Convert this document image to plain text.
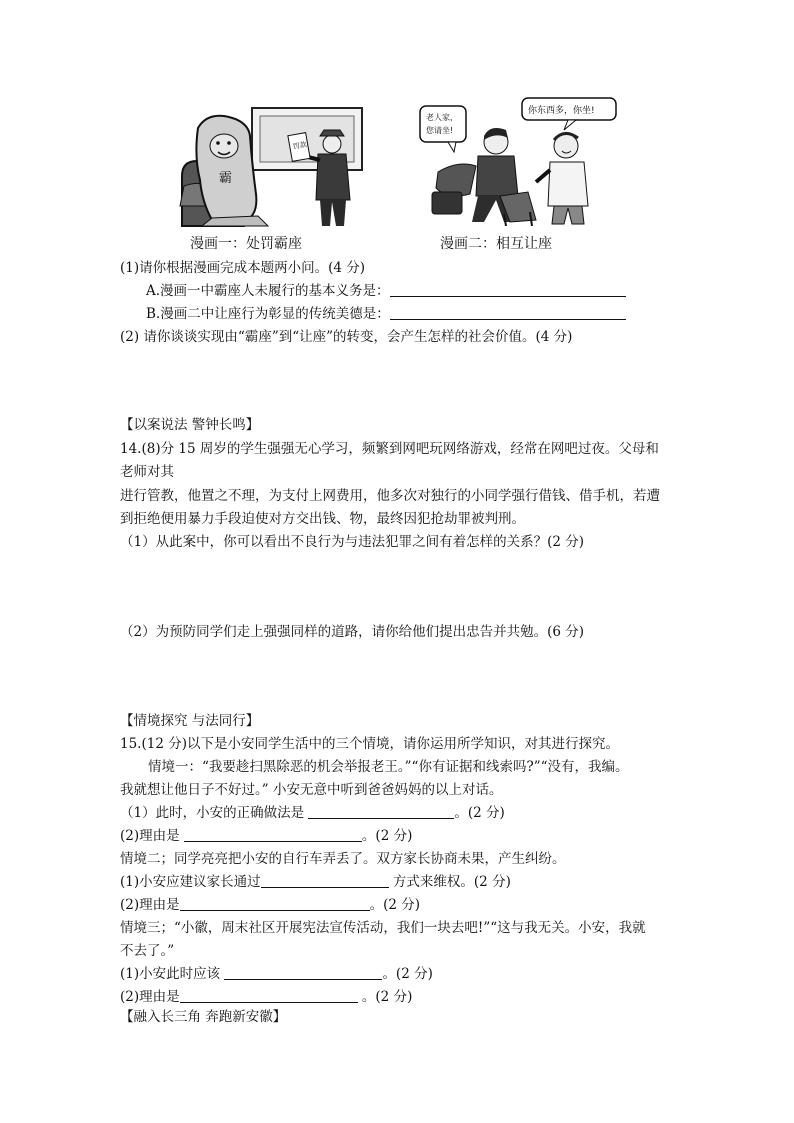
霸
罚款
老人家，
您请坐!
你东西多，你坐!
漫画一：处罚霸座	漫画二：相互让座
(1)请你根据漫画完成本题两小问。(4 分)
A.漫画一中霸座人未履行的基本义务是：
B.漫画二中让座行为彰显的传统美德是：
(2) 请你谈谈实现由“霸座”到“让座”的转变，会产生怎样的社会价值。(4 分)
【以案说法 警钟长鸣】
14.(8)分 15 周岁的学生强强无心学习，频繁到网吧玩网络游戏，经常在网吧过夜。父母和
老师对其
进行管教，他置之不理，为支付上网费用，他多次对独行的小同学强行借钱、借手机，若遭
到拒绝便用暴力手段迫使对方交出钱、物，最终因犯抢劫罪被判刑。
（1）从此案中，你可以看出不良行为与违法犯罪之间有着怎样的关系？(2 分)
（2）为预防同学们走上强强同样的道路，请你给他们提出忠告并共勉。(6 分)
【情境探究 与法同行】
15.(12 分)以下是小安同学生活中的三个情境，请你运用所学知识，对其进行探究。
情境一：“我要趁扫黑除恶的机会举报老王。”“你有证据和线索吗?”“没有，我编。
我就想让他日子不好过。” 小安无意中听到爸爸妈妈的以上对话。
（1）此时，小安的正确做法是	。(2 分)
(2)理由是	。(2 分)
情境二；同学亮亮把小安的自行车弄丢了。双方家长协商未果，产生纠纷。
(1)小安应建议家长通过	方式来维权。(2 分)
(2)理由是	。(2 分)
情境三；“小徽，周末社区开展宪法宣传活动，我们一块去吧!”“这与我无关。小安，我就
不去了。”
(1)小安此时应该	。(2 分)
(2)理由是	。(2 分)
【融入长三角 奔跑新安徽】
